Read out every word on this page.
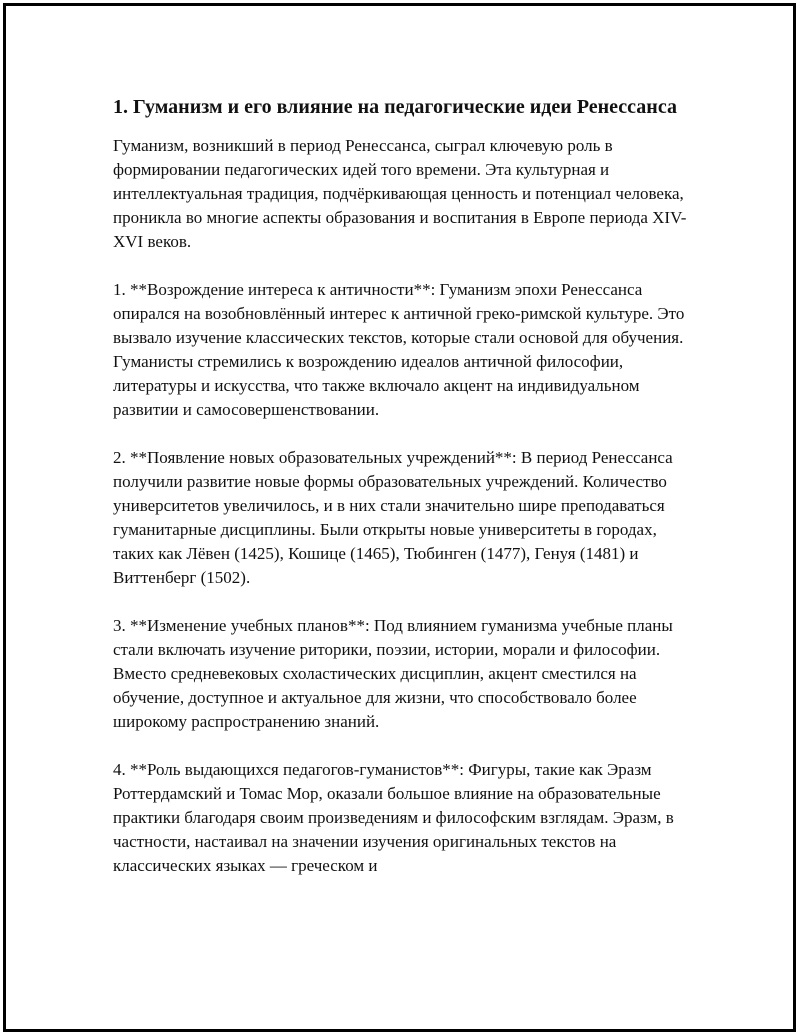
1. Гуманизм и его влияние на педагогические идеи Ренессанса

Гуманизм, возникший в период Ренессанса, сыграл ключевую роль в формировании педагогических идей того времени. Эта культурная и интеллектуальная традиция, подчёркивающая ценность и потенциал человека, проникла во многие аспекты образования и воспитания в Европе периода XIV-XVI веков.

1. **Возрождение интереса к античности**: Гуманизм эпохи Ренессанса опирался на возобновлённый интерес к античной греко-римской культуре. Это вызвало изучение классических текстов, которые стали основой для обучения. Гуманисты стремились к возрождению идеалов античной философии, литературы и искусства, что также включало акцент на индивидуальном развитии и самосовершенствовании.

2. **Появление новых образовательных учреждений**: В период Ренессанса получили развитие новые формы образовательных учреждений. Количество университетов увеличилось, и в них стали значительно шире преподаваться гуманитарные дисциплины. Были открыты новые университеты в городах, таких как Лёвен (1425), Кошице (1465), Тюбинген (1477), Генуя (1481) и Виттенберг (1502).

3. **Изменение учебных планов**: Под влиянием гуманизма учебные планы стали включать изучение риторики, поэзии, истории, морали и философии. Вместо средневековых схоластических дисциплин, акцент сместился на обучение, доступное и актуальное для жизни, что способствовало более широкому распространению знаний.

4. **Роль выдающихся педагогов-гуманистов**: Фигуры, такие как Эразм Роттердамский и Томас Мор, оказали большое влияние на образовательные практики благодаря своим произведениям и философским взглядам. Эразм, в частности, настаивал на значении изучения оригинальных текстов на классических языках — греческом и
